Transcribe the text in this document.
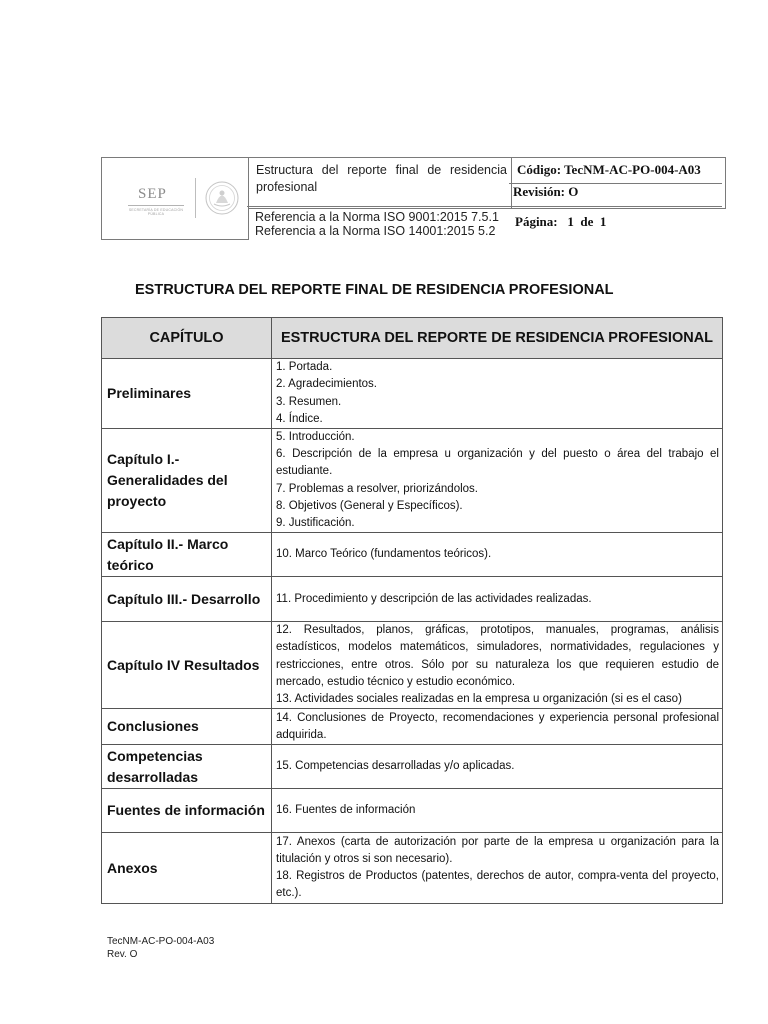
SEP
SECRETARÍA DE EDUCACIÓN PÚBLICA

Estructura del reporte final de residencia profesional

Código: TecNM-AC-PO-004-A03

Revisión: O
Referencia a la Norma ISO 9001:2015 7.5.1
Referencia a la Norma ISO 14001:2015 5.2
Página:   1  de  1
ESTRUCTURA DEL REPORTE FINAL DE RESIDENCIA PROFESIONAL
CAPÍTULO	ESTRUCTURA DEL REPORTE DE RESIDENCIA PROFESIONAL
Preliminares	1. Portada.
2. Agradecimientos.
3. Resumen.
4. Índice.

Capítulo I.- Generalidades del proyecto	5. Introducción.
6. Descripción de la empresa u organización y del puesto o área del trabajo el estudiante.
7. Problemas a resolver, priorizándolos.
8. Objetivos (General y Específicos).
9. Justificación.

Capítulo II.- Marco teórico	10. Marco Teórico (fundamentos teóricos).

Capítulo III.- Desarrollo	11. Procedimiento y descripción de las actividades realizadas.

Capítulo IV Resultados	12. Resultados, planos, gráficas, prototipos, manuales, programas, análisis estadísticos, modelos matemáticos, simuladores, normatividades, regulaciones y restricciones, entre otros. Sólo por su naturaleza los que requieren estudio de mercado, estudio técnico y estudio económico.
13. Actividades sociales realizadas en la empresa u organización (si es el caso)

Conclusiones	14. Conclusiones de Proyecto, recomendaciones y experiencia personal profesional adquirida.

Competencias desarrolladas	15. Competencias desarrolladas y/o aplicadas.

Fuentes de información	16. Fuentes de información

Anexos	17. Anexos (carta de autorización por parte de la empresa u organización para la titulación y otros si son necesario).
18. Registros de Productos (patentes, derechos de autor, compra-venta del proyecto, etc.).
TecNM-AC-PO-004-A03
Rev. O
